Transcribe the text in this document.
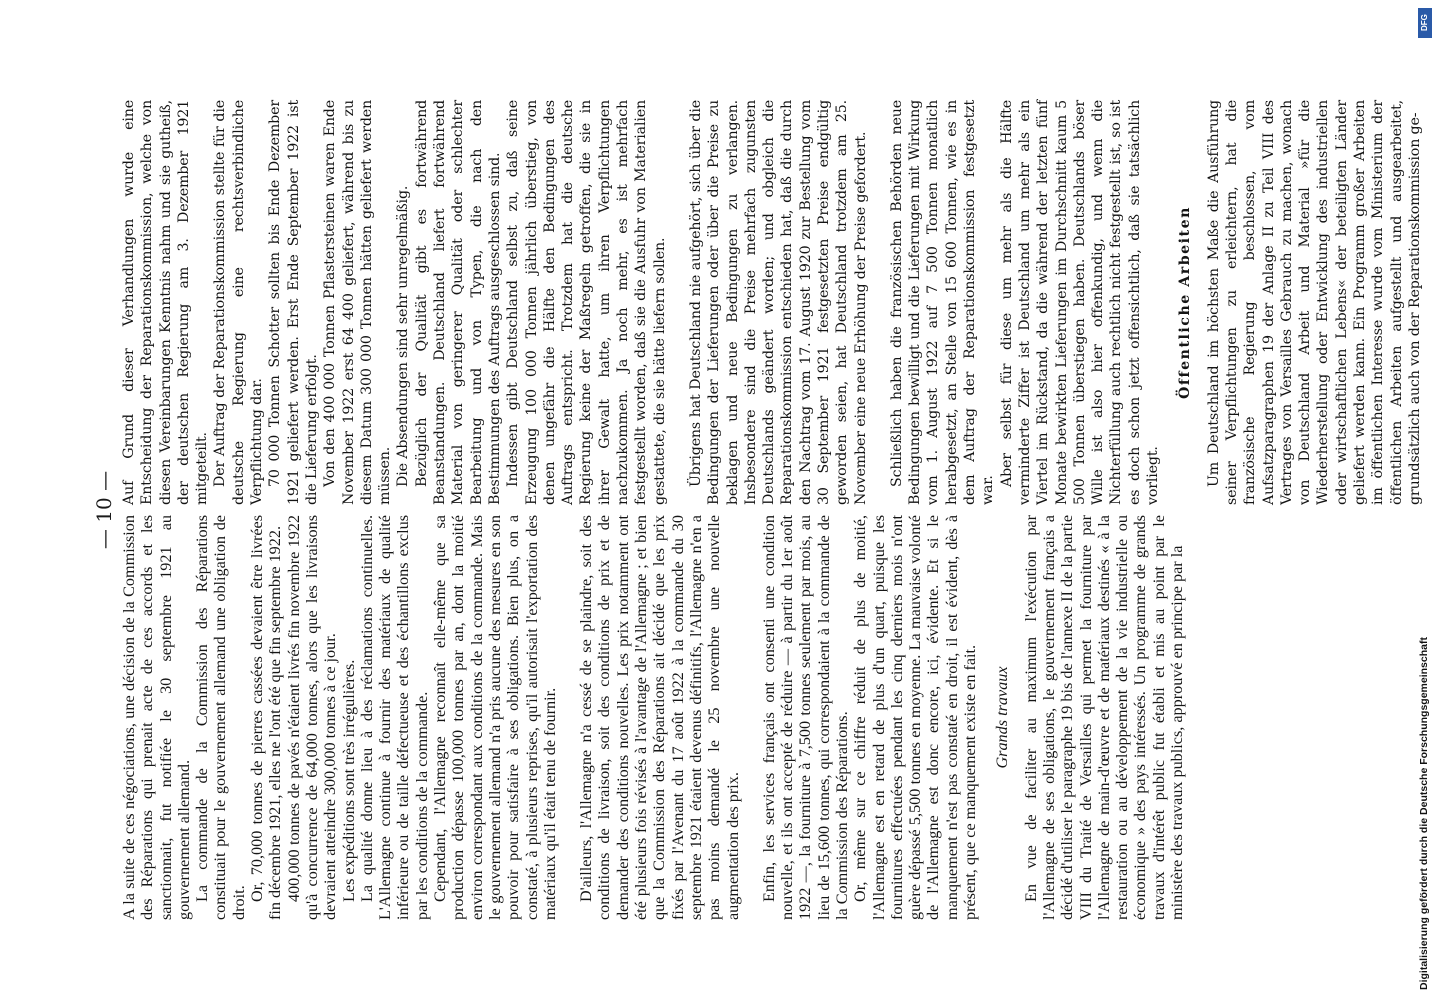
— 10 —

A la suite de ces négociations, une décision de la Commission des Réparations qui prenait acte de ces accords et les sanctionnait, fut notifiée le 30 septembre 1921 au gouvernement allemand. La commande de la Commission des Réparations constituait pour le gouvernement allemand une obligation de droit.

Or, 70,000 tonnes de pierres cassées devaient être livrées fin décembre 1921, elles ne l'ont été que fin septembre 1922. 400,000 tonnes de pavés n'étaient livrés fin novembre 1922 qu'à concurrence de 64,000 tonnes, alors que les livraisons devraient atteindre 300,000 tonnes à ce jour. Les expéditions sont très irrégulières. La qualité donne lieu à des réclamations continuelles. L'Allemagne continue à fournir des matériaux de qualité inférieure ou de taille défectueuse et des échantillons exclus par les conditions de la commande. Cependant, l'Allemagne reconnaît elle-même que sa production dépasse 100,000 tonnes par an, dont la moitié environ correspondant aux conditions de la commande. Mais le gouvernement allemand n'a pris aucune des mesures en son pouvoir pour satisfaire à ses obligations. Bien plus, on a constaté, à plusieurs reprises, qu'il autorisait l'exportation des matériaux qu'il était tenu de fournir. D'ailleurs, l'Allemagne n'a cessé de se plaindre, soit des conditions de livraison, soit des conditions de prix et de demander des conditions nouvelles. Les prix notamment ont été plusieurs fois révisés à l'avantage de l'Allemagne ; et bien que la Commission des Réparations ait décidé que les prix fixés par l'Avenant du 17 août 1922 à la commande du 30 septembre 1921 étaient devenus définitifs, l'Allemagne n'en a pas moins demandé le 25 novembre une nouvelle augmentation des prix. Enfin, les services français ont consenti une condition nouvelle, et ils ont accepté de réduire — à partir du 1er août 1922 —, la fourniture à 7,500 tonnes seulement par mois, au lieu de 15,600 tonnes, qui correspondaient à la commande de la Commission des Réparations. Or, même sur ce chiffre réduit de plus de moitié, l'Allemagne est en retard de plus d'un quart, puisque les fournitures effectuées pendant les cinq derniers mois n'ont guère dépassé 5,500 tonnes en moyenne. La mauvaise volonté de l'Allemagne est donc encore, ici, évidente. Et si le manquement n'est pas constaté en droit, il est évident, dès à présent, que ce manquement existe en fait. Grands travaux En vue de faciliter au maximum l'exécution par l'Allemagne de ses obligations, le gouvernement français a décidé d'utiliser le paragraphe 19 bis de l'annexe II de la partie VIII du Traité de Versailles qui permet la fourniture par l'Allemagne de main-d'œuvre et de matériaux destinés « à la restauration ou au développement de la vie industrielle ou économique » des pays intéressés. Un programme de grands travaux d'intérêt public fut établi et mis au point par le ministère des travaux publics, approuvé en principe par la

Auf Grund dieser Verhandlungen wurde eine Entscheidung der Reparationskommission, welche von diesen Vereinbarungen Kenntnis nahm und sie gutheiß, der deutschen Regierung am 3. Dezember 1921 mitgeteilt. Der Auftrag der Reparationskommission stellte für die deutsche Regierung eine rechtsverbindliche Verpflichtung dar. 70 000 Tonnen Schotter sollten bis Ende Dezember 1921 geliefert werden. Erst Ende September 1922 ist die Lieferung erfolgt. Von den 400 000 Tonnen Pflastersteinen waren Ende November 1922 erst 64 400 geliefert, während bis zu diesem Datum 300 000 Tonnen hätten geliefert werden müssen. Die Absendungen sind sehr unregelmäßig. Bezüglich der Qualität gibt es fortwährend Beanstandungen. Deutschland liefert fortwährend Material von geringerer Qualität oder schlechter Bearbeitung und von Typen, die nach den Bestimmungen des Auftrags ausgeschlossen sind. Indessen gibt Deutschland selbst zu, daß seine Erzeugung 100 000 Tonnen jährlich überstieg, von denen ungefähr die Hälfte den Bedingungen des Auftrags entspricht. Trotzdem hat die deutsche Regierung keine der Maßregeln getroffen, die sie in ihrer Gewalt hatte, um ihren Verpflichtungen nachzukommen. Ja noch mehr, es ist mehrfach festgestellt worden, daß sie die Ausfuhr von Materialien gestattete, die sie hätte liefern sollen. Übrigens hat Deutschland nie aufgehört, sich über die Bedingungen der Lieferungen oder über die Preise zu beklagen und neue Bedingungen zu verlangen. Insbesondere sind die Preise mehrfach zugunsten Deutschlands geändert worden; und obgleich die Reparationskommission entschieden hat, daß die durch den Nachtrag vom 17. August 1920 zur Bestellung vom 30 September 1921 festgesetzten Preise endgültig geworden seien, hat Deutschland trotzdem am 25. November eine neue Erhöhung der Preise gefordert. Schließlich haben die französischen Behörden neue Bedingungen bewilligt und die Lieferungen mit Wirkung vom 1. August 1922 auf 7 500 Tonnen monatlich herabgesetzt, an Stelle von 15 600 Tonnen, wie es in dem Auftrag der Reparationskommission festgesetzt war.

Aber selbst für diese um mehr als die Hälfte verminderte Ziffer ist Deutschland um mehr als ein Viertel im Rückstand, da die während der letzten fünf Monate bewirkten Lieferungen im Durchschnitt kaum 5 500 Tonnen überstiegen haben. Deutschlands böser Wille ist also hier offenkundig, und wenn die Nichterfüllung auch rechtlich nicht festgestellt ist, so ist es doch schon jetzt offensichtlich, daß sie tatsächlich vorliegt.

Öffentliche Arbeiten Um Deutschland im höchsten Maße die Ausführung seiner Verpflichtungen zu erleichtern, hat die französische Regierung beschlossen, vom Aufsatzparagraphen 19 der Anlage II zu Teil VIII des Vertrages von Versailles Gebrauch zu machen, wonach von Deutschland Arbeit und Material »für die Wiederherstellung oder Entwicklung des industriellen oder wirtschaftlichen Lebens« der beteiligten Länder geliefert werden kann. Ein Programm großer Arbeiten im öffentlichen Interesse wurde vom Ministerium der öffentlichen Arbeiten aufgestellt und ausgearbeitet, grundsätzlich auch von der Reparationskommission ge-

DFG
Digitalisierung gefördert durch die Deutsche Forschungsgemeinschaft
